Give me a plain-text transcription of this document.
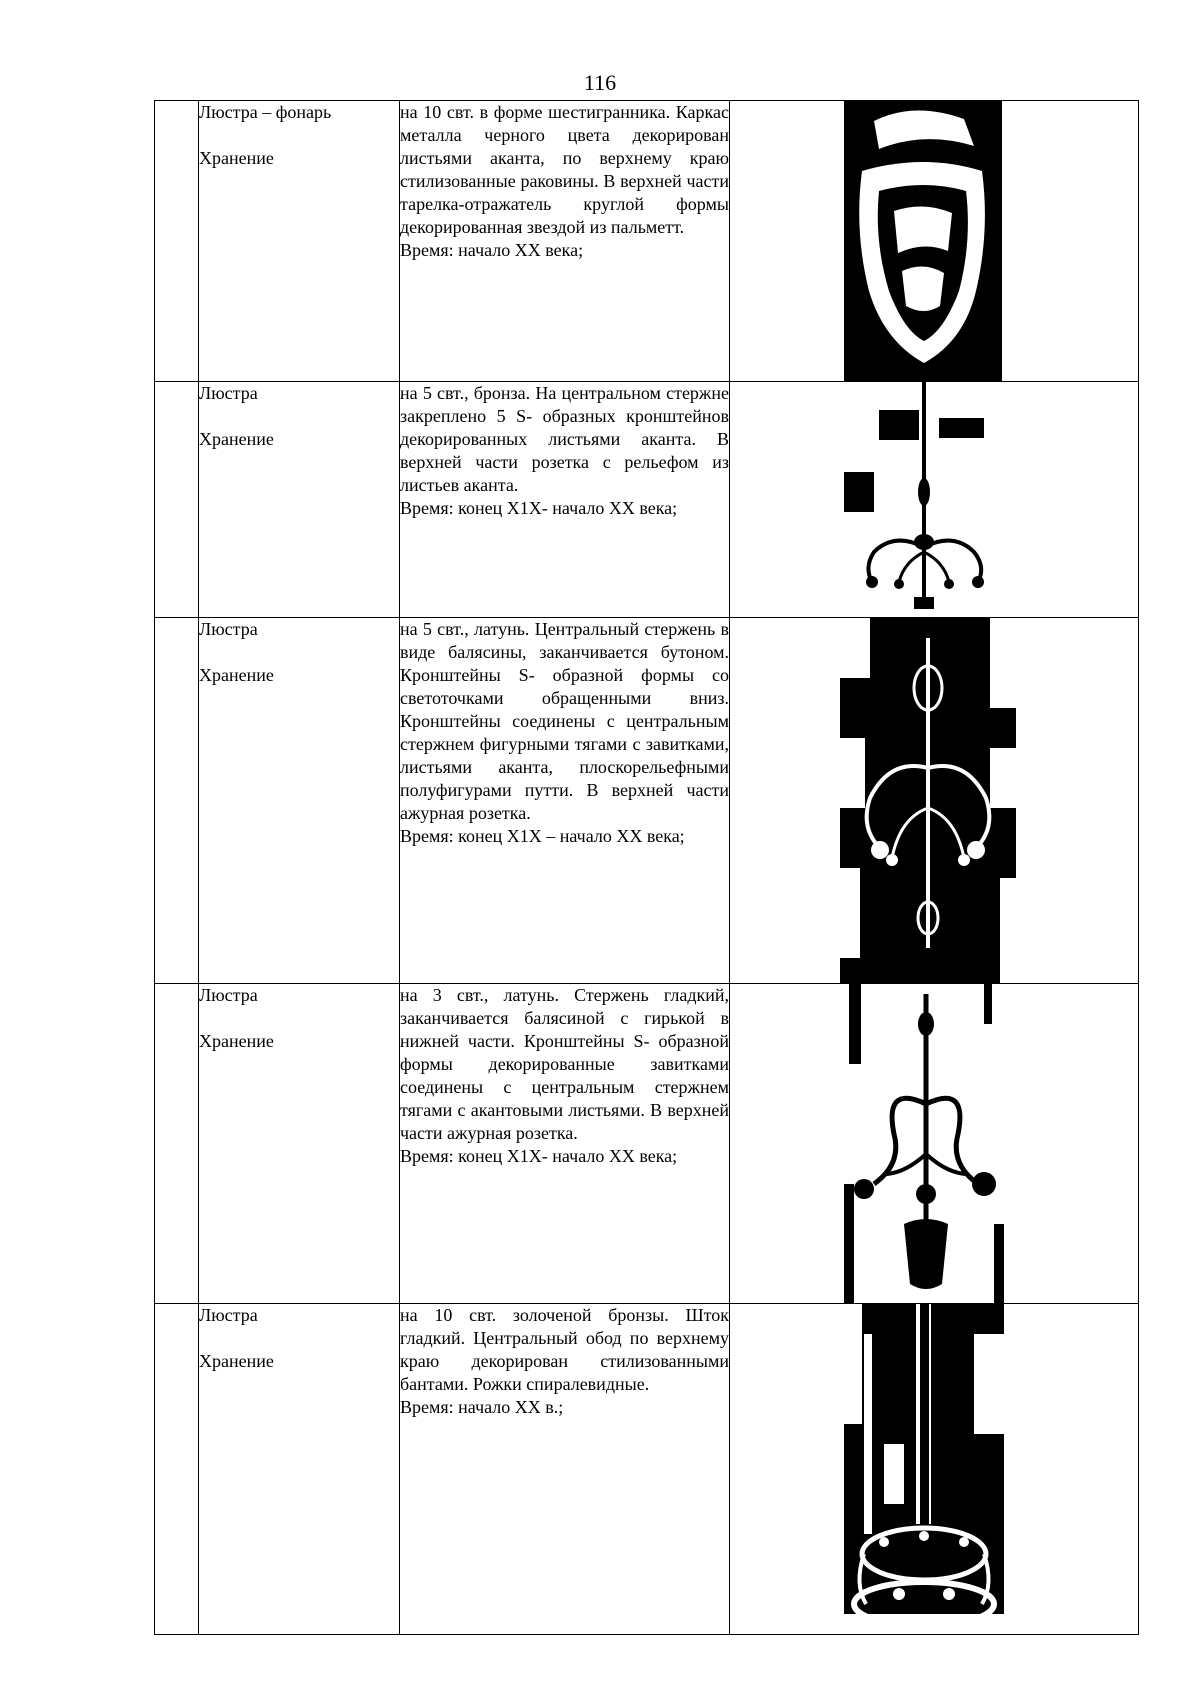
116

	Люстра – фонарь
Хранение	на 10 свт. в форме шестигранника. Каркас металла черного цвета декорирован листьями аканта, по верхнему краю стилизованные раковины. В верхней части тарелка-отражатель круглой формы декорированная звездой из пальметт.
Время: начало XX века;

	Люстра
Хранение	на 5 свт., бронза. На центральном стержне закреплено 5 S- образных кронштейнов декорированных листьями аканта. В верхней части розетка с рельефом из листьев аканта.
Время: конец Х1Х- начало XX века;

	Люстра
Хранение	на 5 свт., латунь. Центральный стержень в виде балясины, заканчивается бутоном. Кронштейны S- образной формы со светоточками обращенными вниз. Кронштейны соединены с центральным стержнем фигурными тягами с завитками, листьями аканта, плоскорельефными полуфигурами путти. В верхней части ажурная розетка.
Время: конец Х1Х – начало XX века;

	Люстра
Хранение	на 3 свт., латунь. Стержень гладкий, заканчивается балясиной с гирькой в нижней части. Кронштейны S- образной формы декорированные завитками соединены с центральным стержнем тягами с акантовыми листьями. В верхней части ажурная розетка.
Время: конец Х1Х- начало XX века;

	Люстра
Хранение	на 10 свт. золоченой бронзы. Шток гладкий. Центральный обод по верхнему краю декорирован стилизованными бантами. Рожки спиралевидные.
Время: начало XX в.;
